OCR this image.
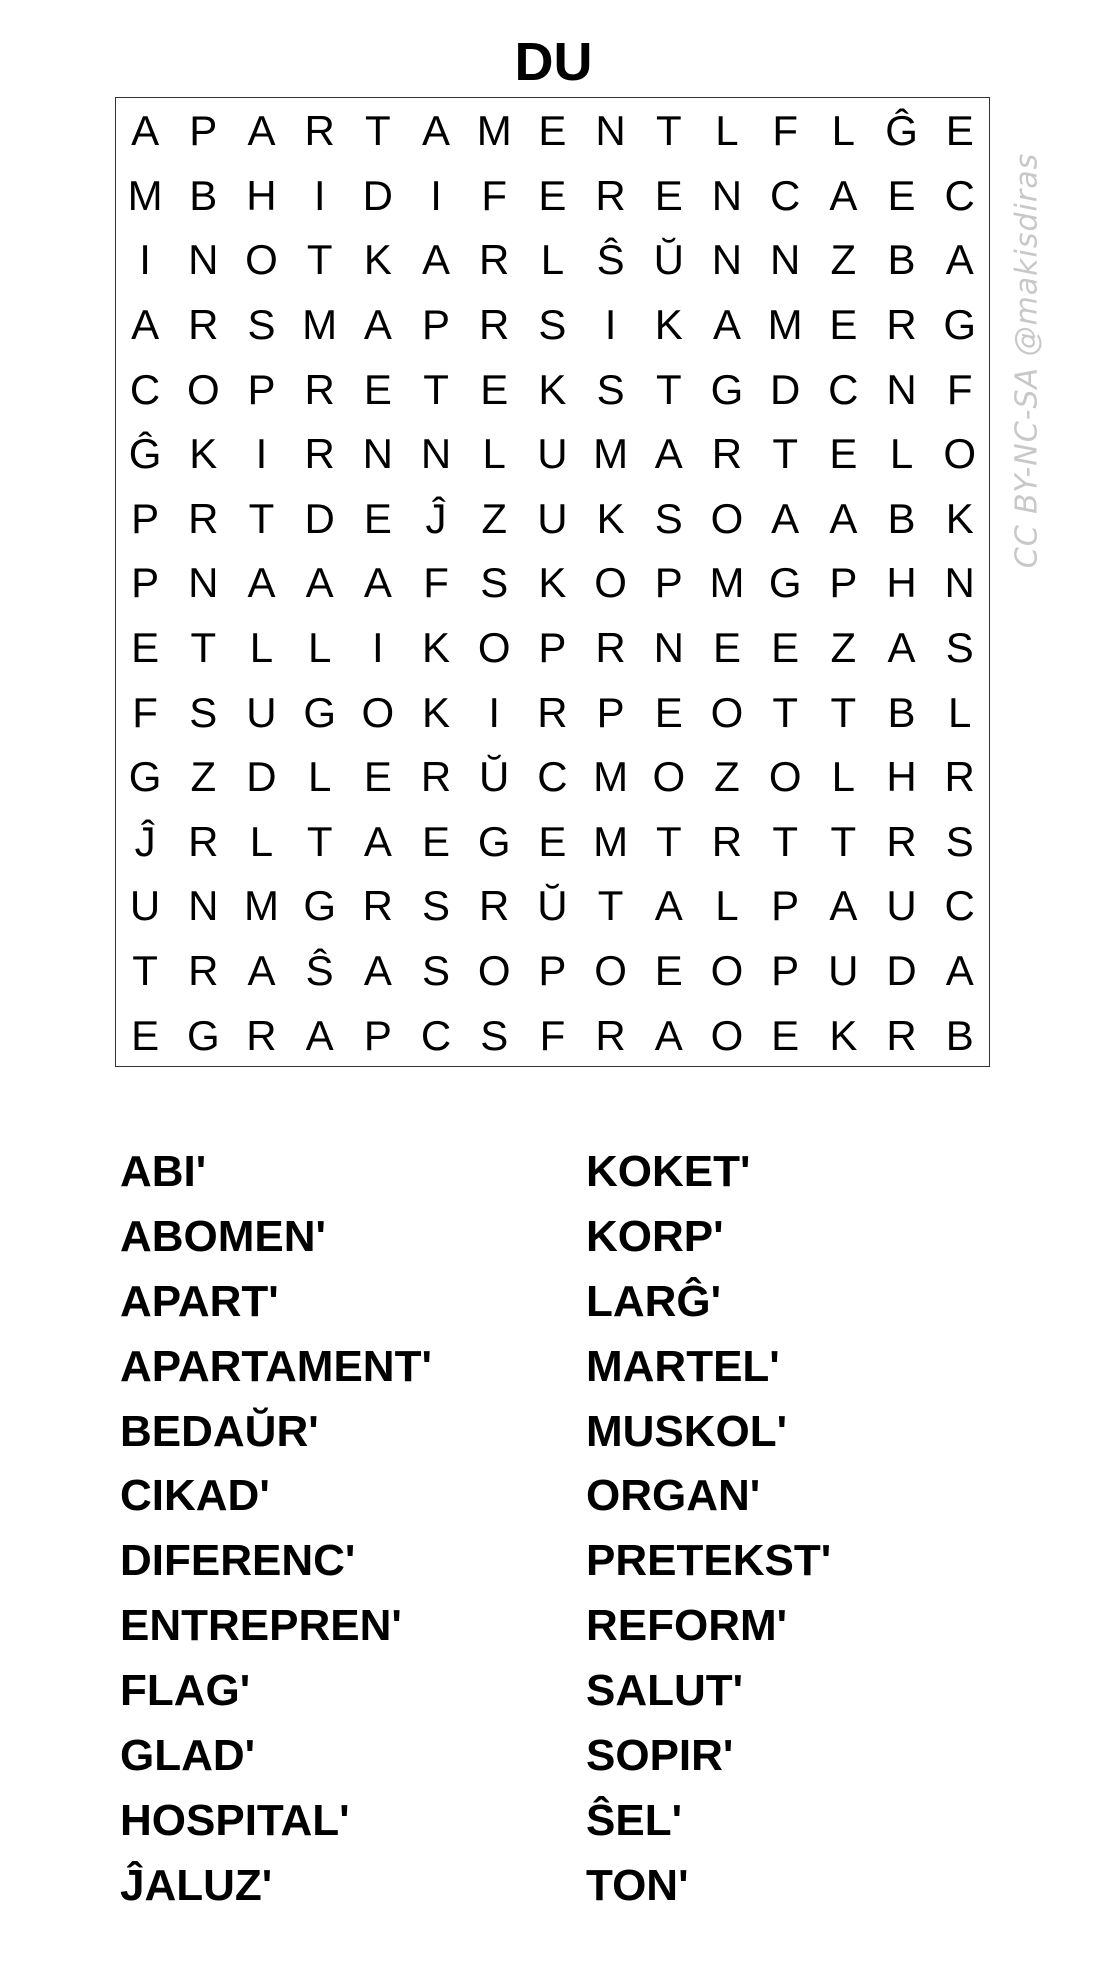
DU
A P A R T A M E N T L F L Ĝ E
M B H I D I F E R E N C A E C
I N O T K A R L Ŝ Ŭ N N Z B A
A R S M A P R S I K A M E R G
C O P R E T E K S T G D C N F
Ĝ K I R N N L U M A R T E L O
P R T D E Ĵ Z U K S O A A B K
P N A A A F S K O P M G P H N
E T L L I K O P R N E E Z A S
F S U G O K I R P E O T T B L
G Z D L E R Ŭ C M O Z O L H R
Ĵ R L T A E G E M T R T T R S
U N M G R S R Ŭ T A L P A U C
T R A Ŝ A S O P O E O P U D A
E G R A P C S F R A O E K R B
CC BY-NC-SA @makisdiras
ABI'
ABOMEN'
APART'
APARTAMENT'
BEDAŬR'
CIKAD'
DIFERENC'
ENTREPREN'
FLAG'
GLAD'
HOSPITAL'
ĴALUZ'
KOKET'
KORP'
LARĜ'
MARTEL'
MUSKOL'
ORGAN'
PRETEKST'
REFORM'
SALUT'
SOPIR'
ŜEL'
TON'
